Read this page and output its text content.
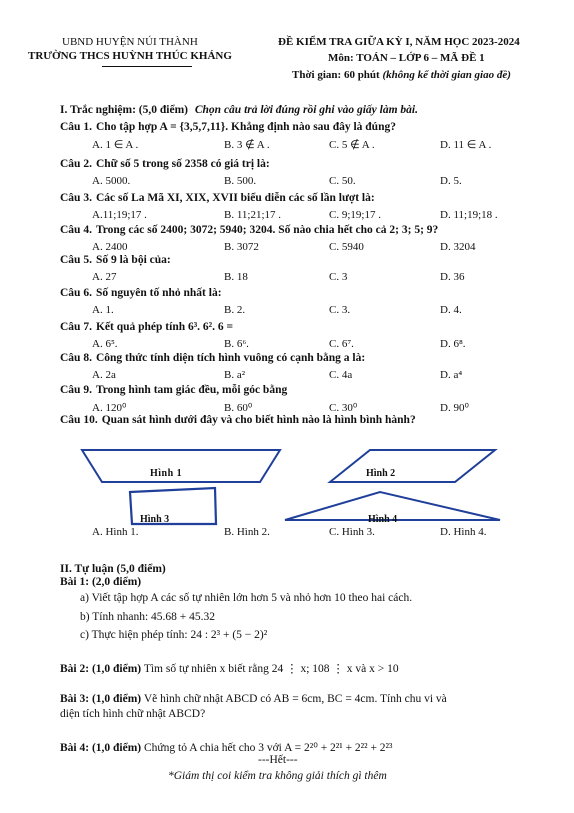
UBND HUYỆN NÚI THÀNH
TRƯỜNG THCS HUỲNH THÚC KHÁNG
ĐỀ KIỂM TRA GIỮA KỲ I, NĂM HỌC 2023-2024
Môn: TOÁN – LỚP 6 – MÃ ĐỀ 1
Thời gian: 60 phút (không kể thời gian giao đề)
I. Trắc nghiệm: (5,0 điểm) Chọn câu trả lời đúng rồi ghi vào giấy làm bài.
Câu 1. Cho tập hợp A = {3,5,7,11}. Khẳng định nào sau đây là đúng?
Câu 2. Chữ số 5 trong số 2358 có giá trị là:
Câu 3. Các số La Mã XI, XIX, XVII biểu diễn các số lần lượt là:
Câu 4. Trong các số 2400; 3072; 5940; 3204. Số nào chia hết cho cả 2; 3; 5; 9?
Câu 5. Số 9 là bội của:
Câu 6. Số nguyên tố nhỏ nhất là:
Câu 7. Kết quả phép tính 6³. 6². 6 =
Câu 8. Công thức tính diện tích hình vuông có cạnh bằng a là:
Câu 9. Trong hình tam giác đều, mỗi góc bằng
Câu 10. Quan sát hình dưới đây và cho biết hình nào là hình bình hành?
A. 1 ∈ A .	B. 3 ∉ A .	C. 5 ∉ A .	D. 11 ∈ A .
A. 5000.	B. 500.	C. 50.	D. 5.
A.11;19;17 .	B. 11;21;17 .	C. 9;19;17 .	D. 11;19;18 .
A. 2400	B. 3072	C. 5940	D. 3204
A. 27	B. 18	C. 3	D. 36
A. 1.	B. 2.	C. 3.	D. 4.
A. 6⁵.	B. 6⁶.	C. 6⁷.	D. 6⁸.
A. 2a	B. a²	C. 4a	D. a⁴
A. 120⁰	B. 60⁰	C. 30⁰	D. 90⁰
A. Hình 1.	B. Hình 2.	C. Hình 3.	D. Hình 4.
Hình 1	Hình 2
Hình 3	Hình 4
II. Tự luận (5,0 điểm)
Bài 1: (2,0 điểm)
a) Viết tập hợp A các số tự nhiên lớn hơn 5 và nhỏ hơn 10 theo hai cách.
b) Tính nhanh: 45.68 + 45.32
c) Thực hiện phép tính: 24 : 2³ + (5 − 2)²
Bài 2: (1,0 điểm) Tìm số tự nhiên x biết rằng 24 ⋮ x; 108 ⋮ x và x > 10
Bài 3: (1,0 điểm) Vẽ hình chữ nhật ABCD có AB = 6cm, BC = 4cm. Tính chu vi và
diện tích hình chữ nhật ABCD?
Bài 4: (1,0 điểm) Chứng tỏ A chia hết cho 3 với A = 2²⁰ + 2²¹ + 2²² + 2²³
---Hết---
*Giám thị coi kiểm tra không giải thích gì thêm
